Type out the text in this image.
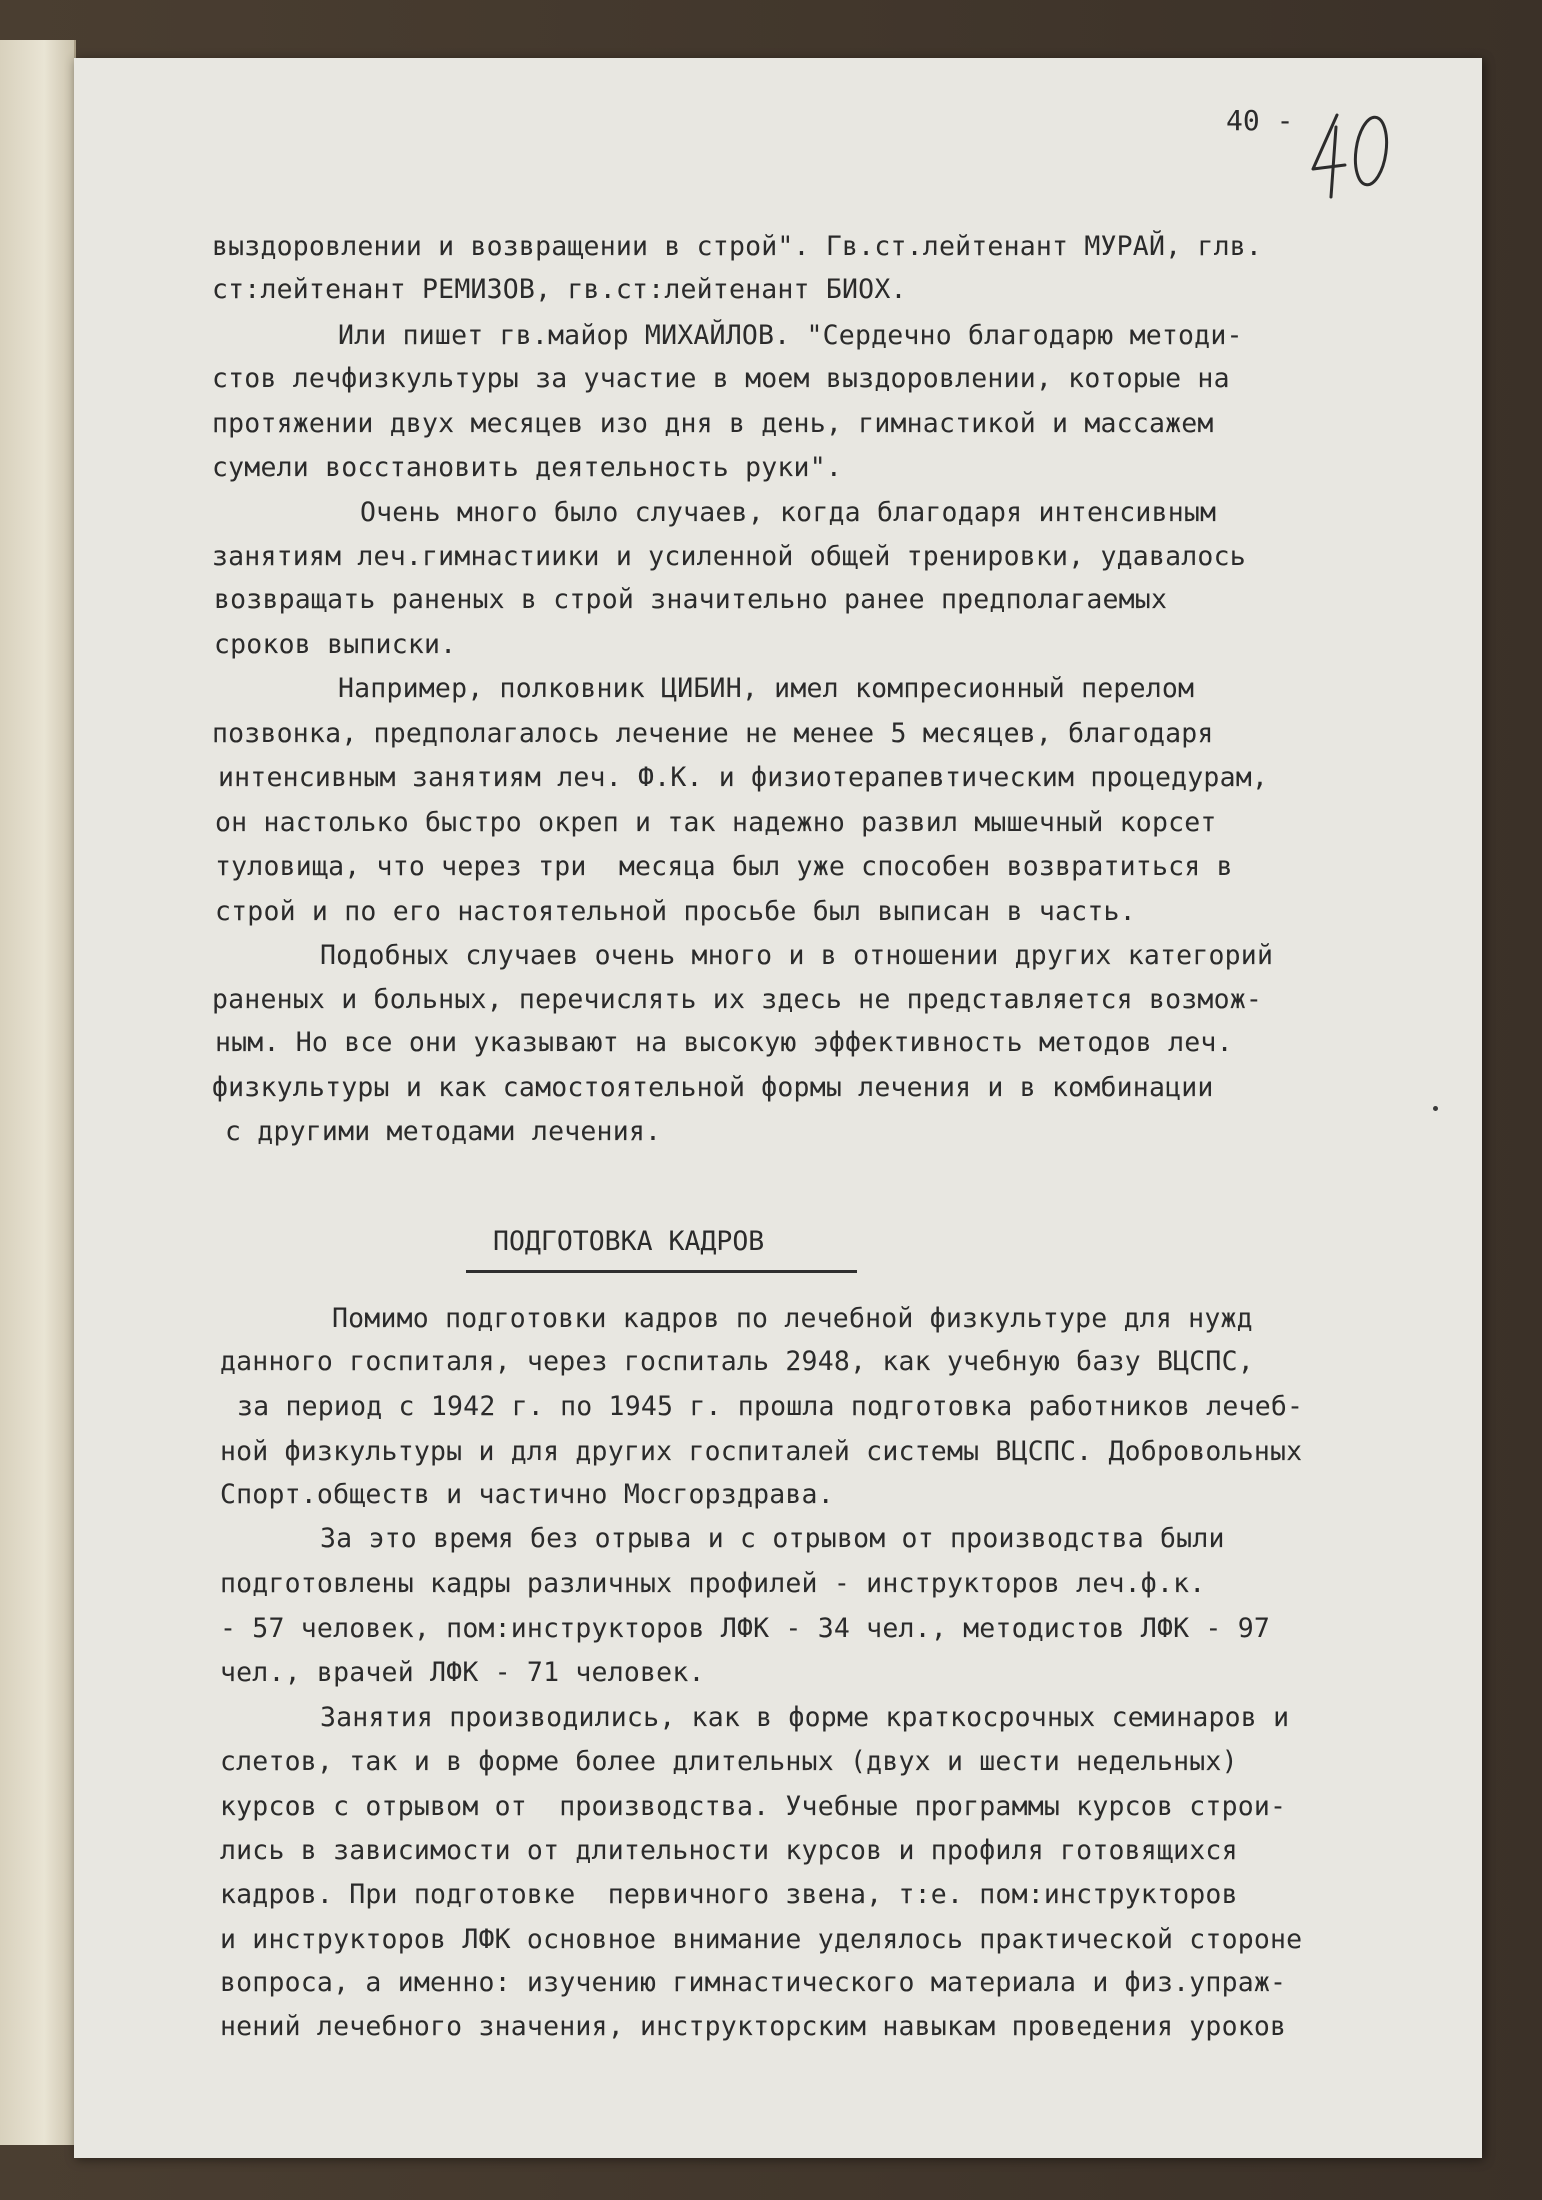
40 -
выздоровлении и возвращении в строй". Гв.ст.лейтенант МУРАЙ, глв.
ст:лейтенант РЕМИЗОВ, гв.ст:лейтенант БИОХ.
Или пишет гв.майор МИХАЙЛОВ. "Сердечно благодарю методи-
стов лечфизкультуры за участие в моем выздоровлении, которые на
протяжении двух месяцев изо дня в день, гимнастикой и массажем
сумели восстановить деятельность руки".
Очень много было случаев, когда благодаря интенсивным
занятиям леч.гимнастиики и усиленной общей тренировки, удавалось
возвращать раненых в строй значительно ранее предполагаемых
сроков выписки.
Например, полковник ЦИБИН, имел компресионный перелом
позвонка, предполагалось лечение не менее 5 месяцев, благодаря
интенсивным занятиям леч. Ф.К. и физиотерапевтическим процедурам,
он настолько быстро окреп и так надежно развил мышечный корсет
туловища, что через три  месяца был уже способен возвратиться в
строй и по его настоятельной просьбе был выписан в часть.
Подобных случаев очень много и в отношении других категорий
раненых и больных, перечислять их здесь не представляется возмож-
ным. Но все они указывают на высокую эффективность методов леч.
физкультуры и как самостоятельной формы лечения и в комбинации
с другими методами лечения.
ПОДГОТОВКА КАДРОВ
Помимо подготовки кадров по лечебной физкультуре для нужд
данного госпиталя, через госпиталь 2948, как учебную базу ВЦСПС,
за период с 1942 г. по 1945 г. прошла подготовка работников лечеб-
ной физкультуры и для других госпиталей системы ВЦСПС. Добровольных
Спорт.обществ и частично Мосгорздрава.
За это время без отрыва и с отрывом от производства были
подготовлены кадры различных профилей - инструкторов леч.ф.к.
- 57 человек, пом:инструкторов ЛФК - 34 чел., методистов ЛФК - 97
чел., врачей ЛФК - 71 человек.
Занятия производились, как в форме краткосрочных семинаров и
слетов, так и в форме более длительных (двух и шести недельных)
курсов с отрывом от  производства. Учебные программы курсов строи-
лись в зависимости от длительности курсов и профиля готовящихся
кадров. При подготовке  первичного звена, т:е. пом:инструкторов
и инструкторов ЛФК основное внимание уделялось практической стороне
вопроса, а именно: изучению гимнастического материала и физ.упраж-
нений лечебного значения, инструкторским навыкам проведения уроков
